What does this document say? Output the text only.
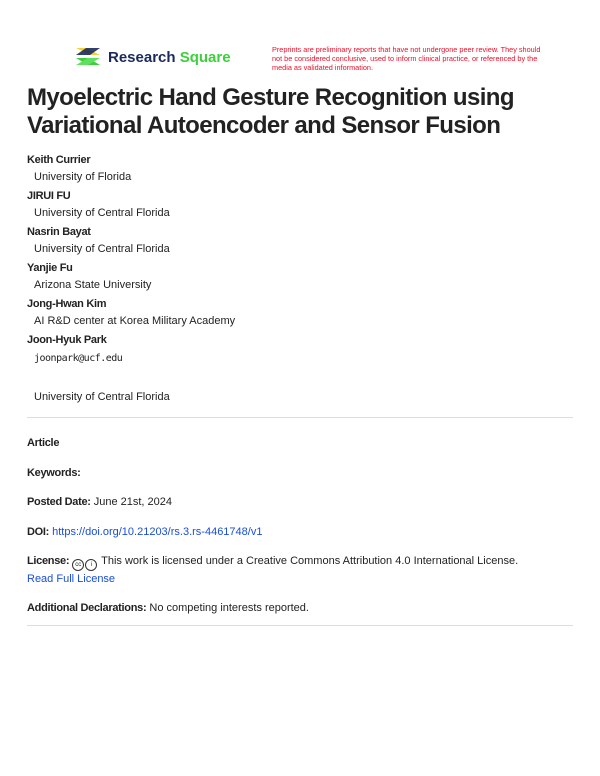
Research Square	Preprints are preliminary reports that have not undergone peer review. They should not be considered conclusive, used to inform clinical practice, or referenced by the media as validated information.
Myoelectric Hand Gesture Recognition using Variational Autoencoder and Sensor Fusion
Keith Currier
University of Florida
JIRUI FU
University of Central Florida
Nasrin Bayat
University of Central Florida
Yanjie Fu
Arizona State University
Jong-Hwan Kim
AI R&D center at Korea Military Academy
Joon-Hyuk Park
joonpark@ucf.edu
University of Central Florida
Article
Keywords:
Posted Date: June 21st, 2024
DOI: https://doi.org/10.21203/rs.3.rs-4461748/v1
License: cc i This work is licensed under a Creative Commons Attribution 4.0 International License.
Read Full License
Additional Declarations: No competing interests reported.
